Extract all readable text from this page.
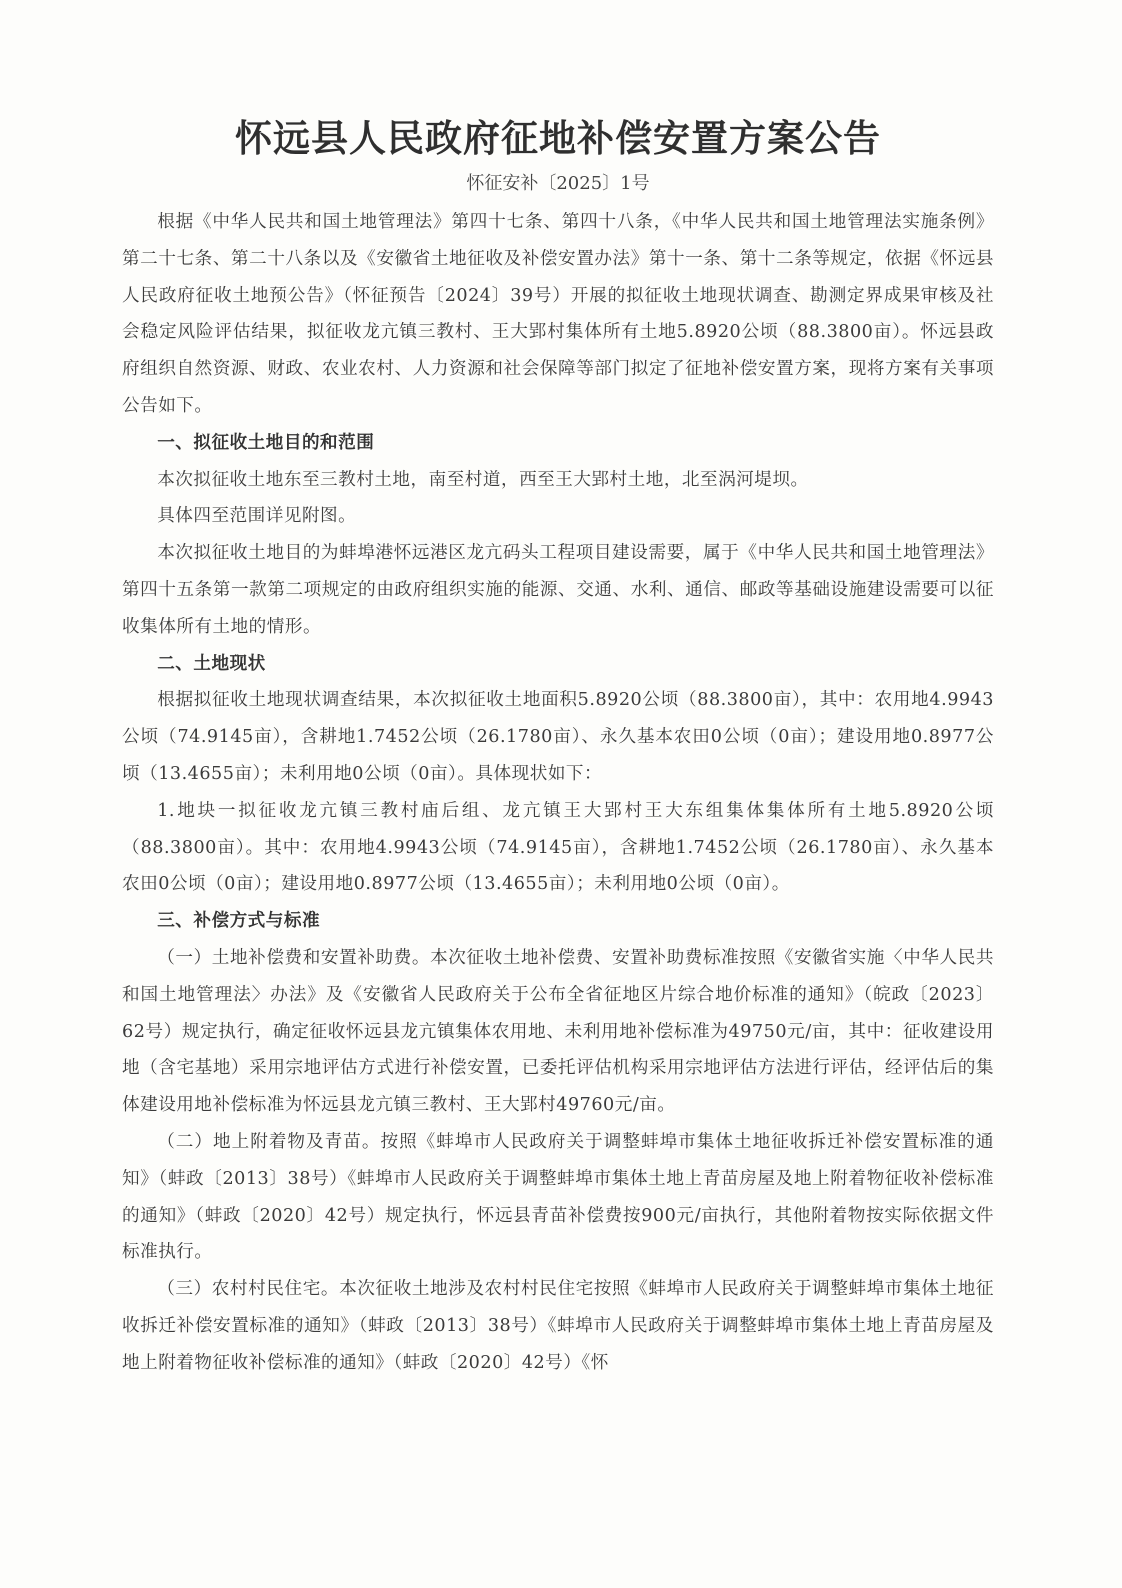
怀远县人民政府征地补偿安置方案公告
怀征安补〔2025〕1号

根据《中华人民共和国土地管理法》第四十七条、第四十八条，《中华人民共和国土地管理法实施条例》第二十七条、第二十八条以及《安徽省土地征收及补偿安置办法》第十一条、第十二条等规定，依据《怀远县人民政府征收土地预公告》（怀征预告〔2024〕39号）开展的拟征收土地现状调查、勘测定界成果审核及社会稳定风险评估结果，拟征收龙亢镇三教村、王大郢村集体所有土地5.8920公顷（88.3800亩）。怀远县政府组织自然资源、财政、农业农村、人力资源和社会保障等部门拟定了征地补偿安置方案，现将方案有关事项公告如下。

一、拟征收土地目的和范围

本次拟征收土地东至三教村土地，南至村道，西至王大郢村土地，北至涡河堤坝。

具体四至范围详见附图。

本次拟征收土地目的为蚌埠港怀远港区龙亢码头工程项目建设需要，属于《中华人民共和国土地管理法》第四十五条第一款第二项规定的由政府组织实施的能源、交通、水利、通信、邮政等基础设施建设需要可以征收集体所有土地的情形。

二、土地现状

根据拟征收土地现状调查结果，本次拟征收土地面积5.8920公顷（88.3800亩），其中：农用地4.9943公顷（74.9145亩），含耕地1.7452公顷（26.1780亩）、永久基本农田0公顷（0亩）；建设用地0.8977公顷（13.4655亩）；未利用地0公顷（0亩）。具体现状如下：

1.地块一拟征收龙亢镇三教村庙后组、龙亢镇王大郢村王大东组集体集体所有土地5.8920公顷（88.3800亩）。其中：农用地4.9943公顷（74.9145亩），含耕地1.7452公顷（26.1780亩）、永久基本农田0公顷（0亩）；建设用地0.8977公顷（13.4655亩）；未利用地0公顷（0亩）。

三、补偿方式与标准

（一）土地补偿费和安置补助费。本次征收土地补偿费、安置补助费标准按照《安徽省实施〈中华人民共和国土地管理法〉办法》及《安徽省人民政府关于公布全省征地区片综合地价标准的通知》（皖政〔2023〕62号）规定执行，确定征收怀远县龙亢镇集体农用地、未利用地补偿标准为49750元/亩，其中：征收建设用地（含宅基地）采用宗地评估方式进行补偿安置，已委托评估机构采用宗地评估方法进行评估，经评估后的集体建设用地补偿标准为怀远县龙亢镇三教村、王大郢村49760元/亩。

（二）地上附着物及青苗。按照《蚌埠市人民政府关于调整蚌埠市集体土地征收拆迁补偿安置标准的通知》（蚌政〔2013〕38号）《蚌埠市人民政府关于调整蚌埠市集体土地上青苗房屋及地上附着物征收补偿标准的通知》（蚌政〔2020〕42号）规定执行，怀远县青苗补偿费按900元/亩执行，其他附着物按实际依据文件标准执行。

（三）农村村民住宅。本次征收土地涉及农村村民住宅按照《蚌埠市人民政府关于调整蚌埠市集体土地征收拆迁补偿安置标准的通知》（蚌政〔2013〕38号）《蚌埠市人民政府关于调整蚌埠市集体土地上青苗房屋及地上附着物征收补偿标准的通知》（蚌政〔2020〕42号）《怀
